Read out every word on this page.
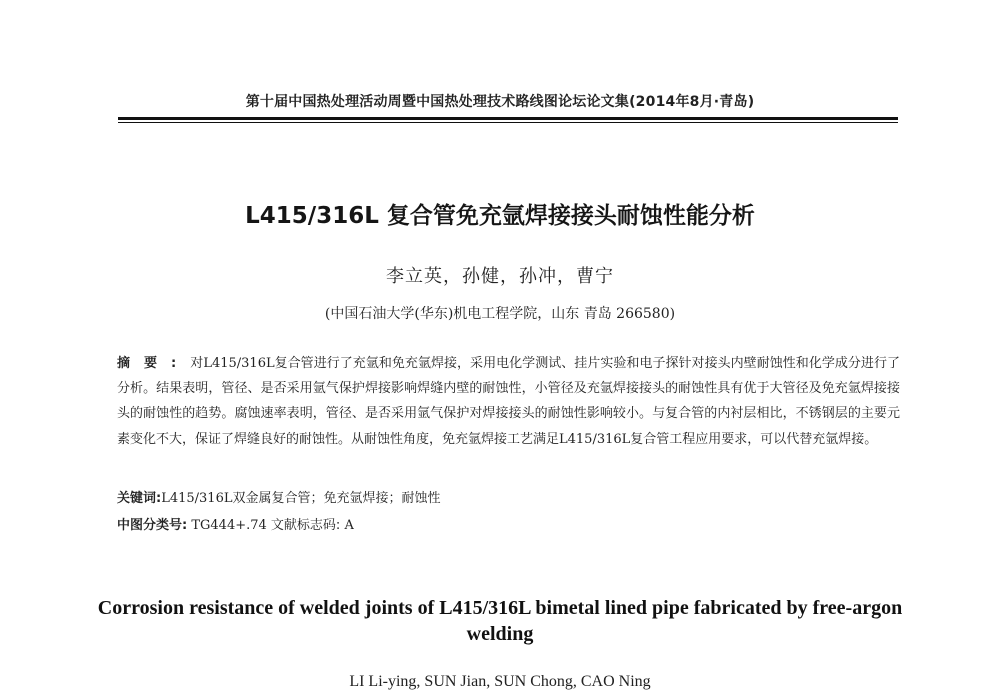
第十届中国热处理活动周暨中国热处理技术路线图论坛论文集(2014年8月·青岛)
L415/316L 复合管免充氩焊接接头耐蚀性能分析
李立英，孙健，孙冲，曹宁
(中国石油大学(华东)机电工程学院，山东 青岛 266580)
摘要:对L415/316L复合管进行了充氩和免充氩焊接，采用电化学测试、挂片实验和电子探针对接头内壁耐蚀性和化学成分进行了分析。结果表明，管径、是否采用氩气保护焊接影响焊缝内壁的耐蚀性，小管径及充氩焊接接头的耐蚀性具有优于大管径及免充氩焊接接头的耐蚀性的趋势。腐蚀速率表明，管径、是否采用氩气保护对焊接接头的耐蚀性影响较小。与复合管的内衬层相比，不锈钢层的主要元素变化不大，保证了焊缝良好的耐蚀性。从耐蚀性角度，免充氩焊接工艺满足L415/316L复合管工程应用要求，可以代替充氩焊接。
关键词:L415/316L双金属复合管；免充氩焊接；耐蚀性
中图分类号: TG444+.74 文献标志码: A
Corrosion resistance of welded joints of L415/316L bimetal lined pipe fabricated by free-argon welding
LI Li-ying, SUN Jian, SUN Chong, CAO Ning
